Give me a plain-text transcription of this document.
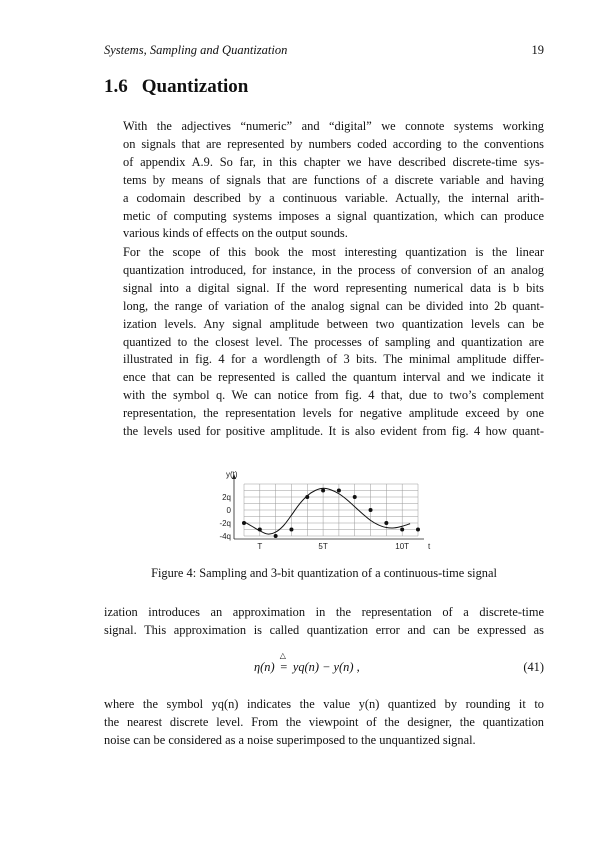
Systems, Sampling and Quantization	19
1.6 Quantization
With the adjectives “numeric” and “digital” we connote systems working
on signals that are represented by numbers coded according to the conventions
of appendix A.9. So far, in this chapter we have described discrete-time sys-
tems by means of signals that are functions of a discrete variable and having
a codomain described by a continuous variable. Actually, the internal arith-
metic of computing systems imposes a signal quantization, which can produce
various kinds of effects on the output sounds.
For the scope of this book the most interesting quantization is the linear
quantization introduced, for instance, in the process of conversion of an analog
signal into a digital signal. If the word representing numerical data is b bits
long, the range of variation of the analog signal can be divided into 2b quant-
ization levels. Any signal amplitude between two quantization levels can be
quantized to the closest level. The processes of sampling and quantization are
illustrated in fig. 4 for a wordlength of 3 bits. The minimal amplitude differ-
ence that can be represented is called the quantum interval and we indicate it
with the symbol q. We can notice from fig. 4 that, due to two’s complement
representation, the representation levels for negative amplitude exceed by one
the levels used for positive amplitude. It is also evident from fig. 4 how quant-
y(t)
2q
0
-2q
-4q
T	5T	10T t
Figure 4: Sampling and 3-bit quantization of a continuous-time signal
ization introduces an approximation in the representation of a discrete-time
signal. This approximation is called quantization error and can be expressed as
η(n)
△
= yq(n) − y(n) ,	(41)
where the symbol yq(n) indicates the value y(n) quantized by rounding it to
the nearest discrete level. From the viewpoint of the designer, the quantization
noise can be considered as a noise superimposed to the unquantized signal.
